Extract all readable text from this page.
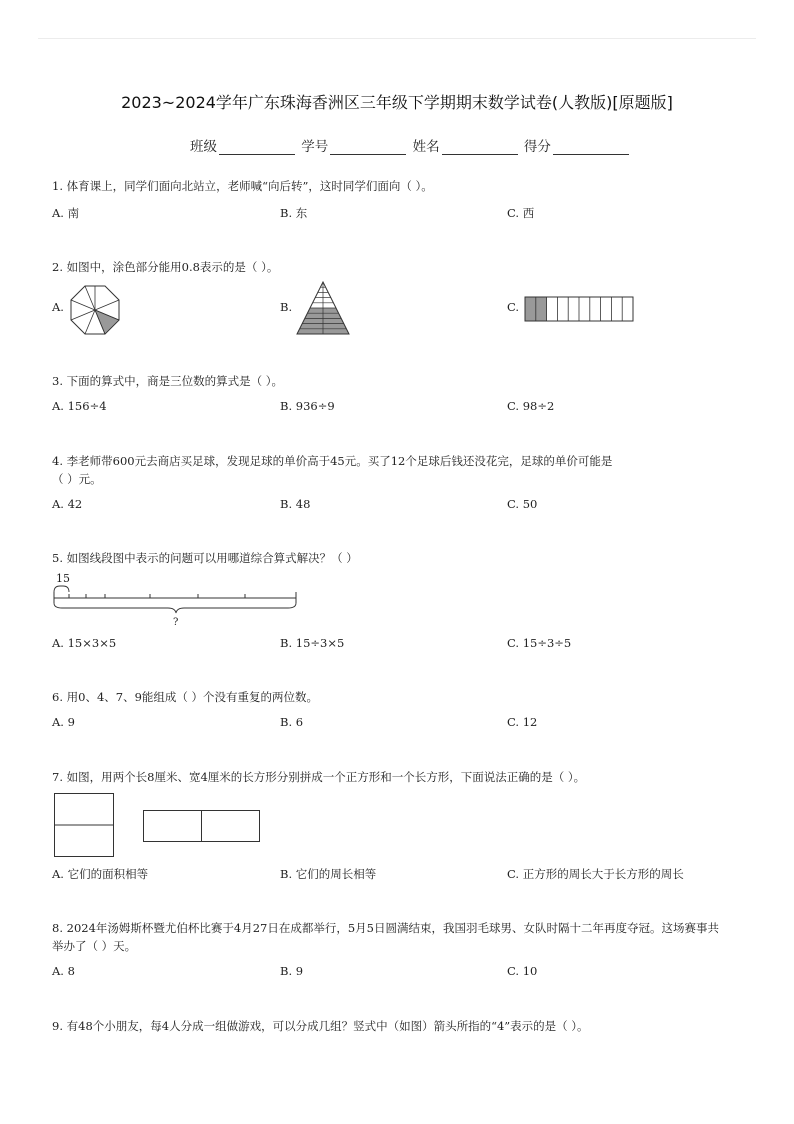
2023~2024学年广东珠海香洲区三年级下学期期末数学试卷(人教版)[原题版]
班级	学号	姓名	得分
1. 体育课上，同学们面向北站立，老师喊“向后转”，这时同学们面向（ ）。
A. 南	B. 东	C. 西
2. 如图中，涂色部分能用0.8表示的是（ ）。
A.	B.	C.
3. 下面的算式中，商是三位数的算式是（ ）。
A. 156÷4	B. 936÷9	C. 98÷2
4. 李老师带600元去商店买足球，发现足球的单价高于45元。买了12个足球后钱还没花完，足球的单价可能是
（ ）元。
A. 42	B. 48	C. 50
5. 如图线段图中表示的问题可以用哪道综合算式解决？（ ）
15
?
A. 15×3×5	B. 15÷3×5	C. 15÷3÷5
6. 用0、4、7、9能组成（ ）个没有重复的两位数。
A. 9	B. 6	C. 12
7. 如图，用两个长8厘米、宽4厘米的长方形分别拼成一个正方形和一个长方形，下面说法正确的是（ ）。
A. 它们的面积相等	B. 它们的周长相等	C. 正方形的周长大于长方形的周长
8. 2024年汤姆斯杯暨尤伯杯比赛于4月27日在成都举行，5月5日圆满结束，我国羽毛球男、女队时隔十二年再度夺冠。这场赛事共
举办了（ ）天。
A. 8	B. 9	C. 10
9. 有48个小朋友，每4人分成一组做游戏，可以分成几组？竖式中（如图）箭头所指的“4”表示的是（ ）。
